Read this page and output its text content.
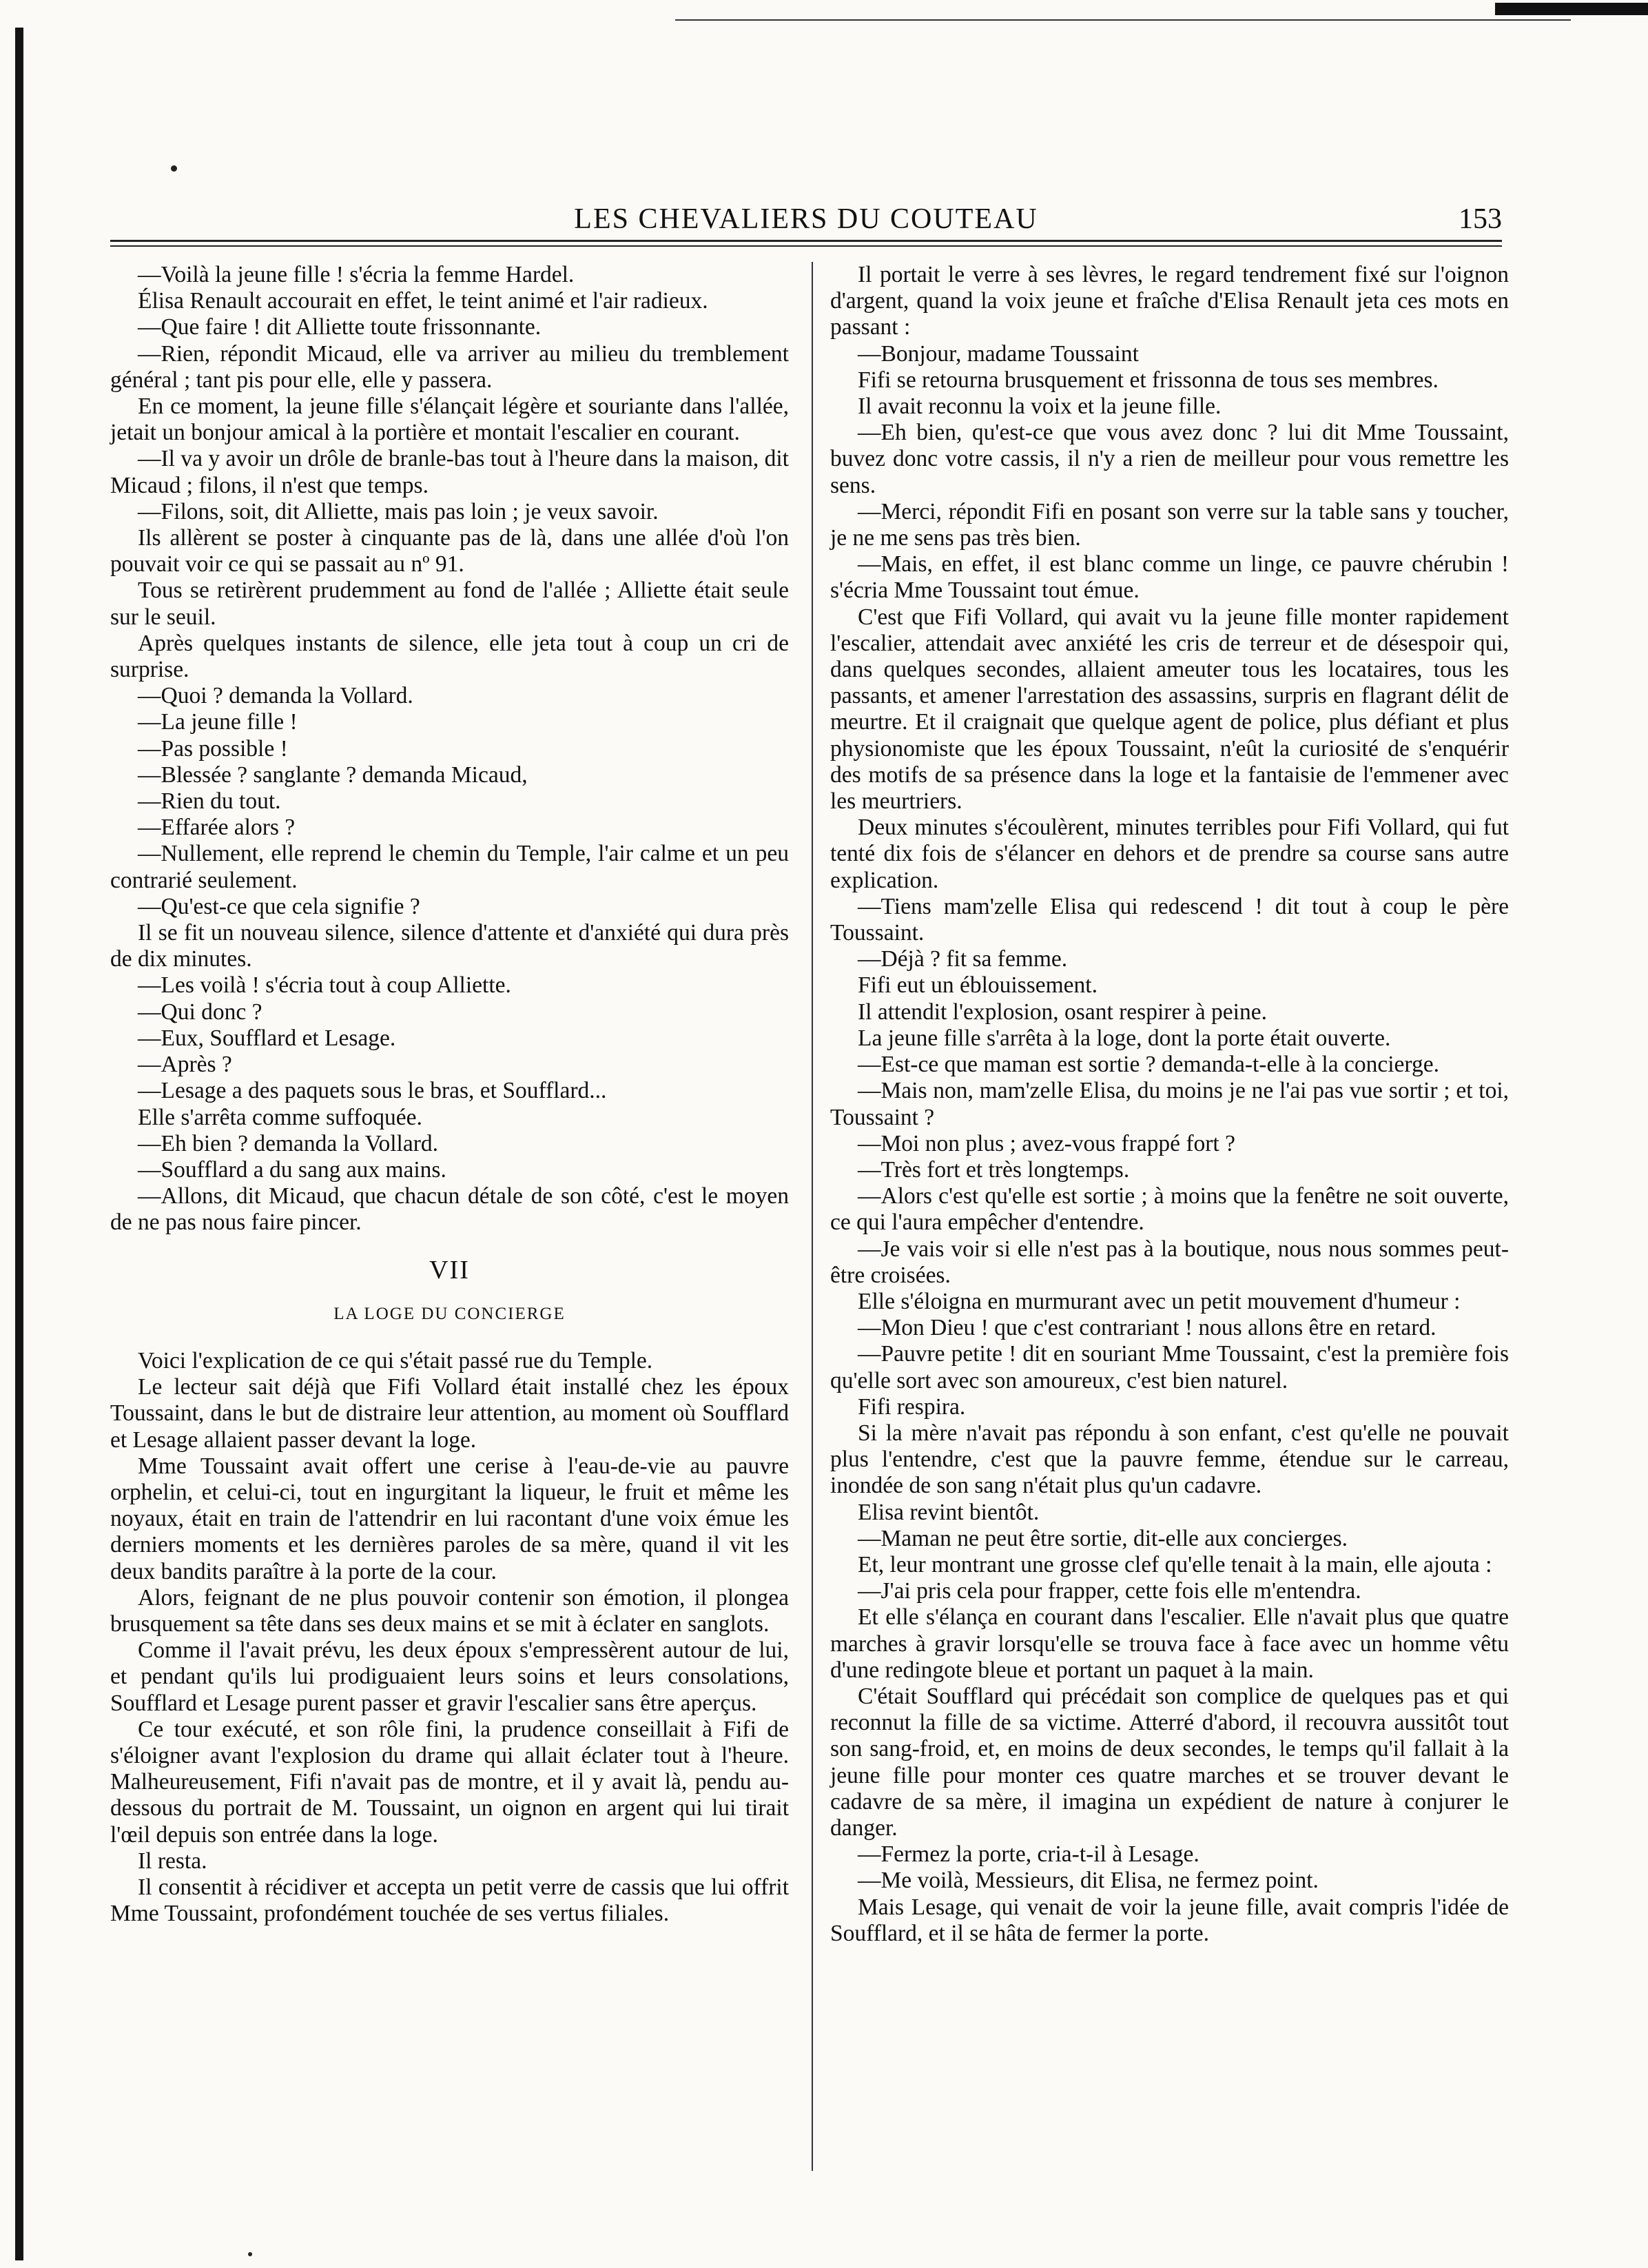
LES CHEVALIERS DU COUTEAU	153

—Voilà la jeune fille ! s'écria la femme Hardel.

Élisa Renault accourait en effet, le teint animé et l'air radieux.

—Que faire ! dit Alliette toute frissonnante.

—Rien, répondit Micaud, elle va arriver au milieu du tremblement général ; tant pis pour elle, elle y passera.

En ce moment, la jeune fille s'élançait légère et souriante dans l'allée, jetait un bonjour amical à la portière et montait l'escalier en courant.

—Il va y avoir un drôle de branle-bas tout à l'heure dans la maison, dit Micaud ; filons, il n'est que temps.

—Filons, soit, dit Alliette, mais pas loin ; je veux savoir.

Ils allèrent se poster à cinquante pas de là, dans une allée d'où l'on pouvait voir ce qui se passait au nº 91.

Tous se retirèrent prudemment au fond de l'allée ; Alliette était seule sur le seuil.

Après quelques instants de silence, elle jeta tout à coup un cri de surprise.

—Quoi ? demanda la Vollard.

—La jeune fille !

—Pas possible !

—Blessée ? sanglante ? demanda Micaud,

—Rien du tout.

—Effarée alors ?

—Nullement, elle reprend le chemin du Temple, l'air calme et un peu contrarié seulement.

—Qu'est-ce que cela signifie ?

Il se fit un nouveau silence, silence d'attente et d'anxiété qui dura près de dix minutes.

—Les voilà ! s'écria tout à coup Alliette.

—Qui donc ?

—Eux, Soufflard et Lesage.

—Après ?

—Lesage a des paquets sous le bras, et Soufflard...

Elle s'arrêta comme suffoquée.

—Eh bien ? demanda la Vollard.

—Soufflard a du sang aux mains.

—Allons, dit Micaud, que chacun détale de son côté, c'est le moyen de ne pas nous faire pincer.

VII
LA LOGE DU CONCIERGE

Voici l'explication de ce qui s'était passé rue du Temple.

Le lecteur sait déjà que Fifi Vollard était installé chez les époux Toussaint, dans le but de distraire leur attention, au moment où Soufflard et Lesage allaient passer devant la loge.

Mme Toussaint avait offert une cerise à l'eau-de-vie au pauvre orphelin, et celui-ci, tout en ingurgitant la liqueur, le fruit et même les noyaux, était en train de l'attendrir en lui racontant d'une voix émue les derniers moments et les dernières paroles de sa mère, quand il vit les deux bandits paraître à la porte de la cour.

Alors, feignant de ne plus pouvoir contenir son émotion, il plongea brusquement sa tête dans ses deux mains et se mit à éclater en sanglots.

Comme il l'avait prévu, les deux époux s'empressèrent autour de lui, et pendant qu'ils lui prodiguaient leurs soins et leurs consolations, Soufflard et Lesage purent passer et gravir l'escalier sans être aperçus.

Ce tour exécuté, et son rôle fini, la prudence conseillait à Fifi de s'éloigner avant l'explosion du drame qui allait éclater tout à l'heure. Malheureusement, Fifi n'avait pas de montre, et il y avait là, pendu au-dessous du portrait de M. Toussaint, un oignon en argent qui lui tirait l'œil depuis son entrée dans la loge.

Il resta.

Il consentit à récidiver et accepta un petit verre de cassis que lui offrit Mme Toussaint, profondément touchée de ses vertus filiales.

Il portait le verre à ses lèvres, le regard tendrement fixé sur l'oignon d'argent, quand la voix jeune et fraîche d'Elisa Renault jeta ces mots en passant :

—Bonjour, madame Toussaint

Fifi se retourna brusquement et frissonna de tous ses membres.

Il avait reconnu la voix et la jeune fille.

—Eh bien, qu'est-ce que vous avez donc ? lui dit Mme Toussaint, buvez donc votre cassis, il n'y a rien de meilleur pour vous remettre les sens.

—Merci, répondit Fifi en posant son verre sur la table sans y toucher, je ne me sens pas très bien.

—Mais, en effet, il est blanc comme un linge, ce pauvre chérubin ! s'écria Mme Toussaint tout émue.

C'est que Fifi Vollard, qui avait vu la jeune fille monter rapidement l'escalier, attendait avec anxiété les cris de terreur et de désespoir qui, dans quelques secondes, allaient ameuter tous les locataires, tous les passants, et amener l'arrestation des assassins, surpris en flagrant délit de meurtre. Et il craignait que quelque agent de police, plus défiant et plus physionomiste que les époux Toussaint, n'eût la curiosité de s'enquérir des motifs de sa présence dans la loge et la fantaisie de l'emmener avec les meurtriers.

Deux minutes s'écoulèrent, minutes terribles pour Fifi Vollard, qui fut tenté dix fois de s'élancer en dehors et de prendre sa course sans autre explication.

—Tiens mam'zelle Elisa qui redescend ! dit tout à coup le père Toussaint.

—Déjà ? fit sa femme.

Fifi eut un éblouissement.

Il attendit l'explosion, osant respirer à peine.

La jeune fille s'arrêta à la loge, dont la porte était ouverte.

—Est-ce que maman est sortie ? demanda-t-elle à la concierge.

—Mais non, mam'zelle Elisa, du moins je ne l'ai pas vue sortir ; et toi, Toussaint ?

—Moi non plus ; avez-vous frappé fort ?

—Très fort et très longtemps.

—Alors c'est qu'elle est sortie ; à moins que la fenêtre ne soit ouverte, ce qui l'aura empêcher d'entendre.

—Je vais voir si elle n'est pas à la boutique, nous nous sommes peut-être croisées.

Elle s'éloigna en murmurant avec un petit mouvement d'humeur :

—Mon Dieu ! que c'est contrariant ! nous allons être en retard.

—Pauvre petite ! dit en souriant Mme Toussaint, c'est la première fois qu'elle sort avec son amoureux, c'est bien naturel.

Fifi respira.

Si la mère n'avait pas répondu à son enfant, c'est qu'elle ne pouvait plus l'entendre, c'est que la pauvre femme, étendue sur le carreau, inondée de son sang n'était plus qu'un cadavre.

Elisa revint bientôt.

—Maman ne peut être sortie, dit-elle aux concierges.

Et, leur montrant une grosse clef qu'elle tenait à la main, elle ajouta :

—J'ai pris cela pour frapper, cette fois elle m'entendra.

Et elle s'élança en courant dans l'escalier. Elle n'avait plus que quatre marches à gravir lorsqu'elle se trouva face à face avec un homme vêtu d'une redingote bleue et portant un paquet à la main.

C'était Soufflard qui précédait son complice de quelques pas et qui reconnut la fille de sa victime. Atterré d'abord, il recouvra aussitôt tout son sang-froid, et, en moins de deux secondes, le temps qu'il fallait à la jeune fille pour monter ces quatre marches et se trouver devant le cadavre de sa mère, il imagina un expédient de nature à conjurer le danger.

—Fermez la porte, cria-t-il à Lesage.

—Me voilà, Messieurs, dit Elisa, ne fermez point.

Mais Lesage, qui venait de voir la jeune fille, avait compris l'idée de Soufflard, et il se hâta de fermer la porte.
